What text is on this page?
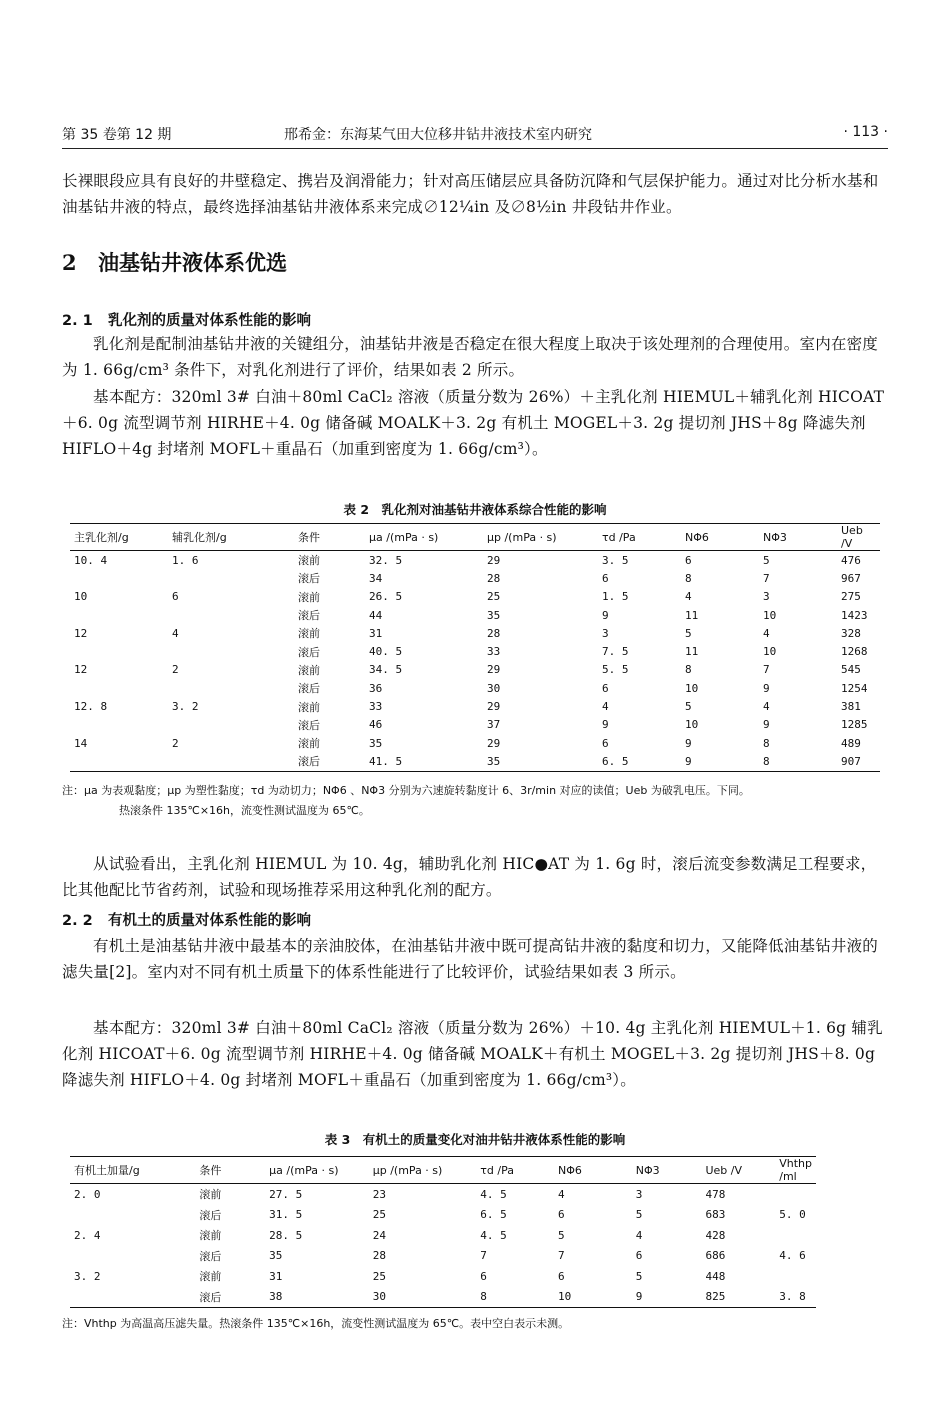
第 35 卷第 12 期	邢希金：东海某气田大位移井钻井液技术室内研究	· 113 ·

长裸眼段应具有良好的井壁稳定、携岩及润滑能力；针对高压储层应具备防沉降和气层保护能力。通过对比分析水基和油基钻井液的特点，最终选择油基钻井液体系来完成∅12¼in 及∅8½in 井段钻井作业。

2 油基钻井液体系优选
2. 1 乳化剂的质量对体系性能的影响

乳化剂是配制油基钻井液的关键组分，油基钻井液是否稳定在很大程度上取决于该处理剂的合理使用。室内在密度为 1. 66g/cm³ 条件下，对乳化剂进行了评价，结果如表 2 所示。

基本配方：320ml 3# 白油＋80ml CaCl₂ 溶液（质量分数为 26%）＋主乳化剂 HIEMUL＋辅乳化剂 HICOAT＋6. 0g 流型调节剂 HIRHE＋4. 0g 储备碱 MOALK＋3. 2g 有机土 MOGEL＋3. 2g 提切剂 JHS＋8g 降滤失剂 HIFLO＋4g 封堵剂 MOFL＋重晶石（加重到密度为 1. 66g/cm³）。

表 2　乳化剂对油基钻井液体系综合性能的影响
主乳化剂/g	辅乳化剂/g	条件	μa /(mPa · s)	μp /(mPa · s)	τd /Pa	NΦ6	NΦ3	Ueb /V
10. 4	1. 6	滚前	32. 5	29	3. 5	6	5	476
		滚后	34	28	6	8	7	967
10	6	滚前	26. 5	25	1. 5	4	3	275
		滚后	44	35	9	11	10	1423
12	4	滚前	31	28	3	5	4	328
		滚后	40. 5	33	7. 5	11	10	1268
12	2	滚前	34. 5	29	5. 5	8	7	545
		滚后	36	30	6	10	9	1254
12. 8	3. 2	滚前	33	29	4	5	4	381
		滚后	46	37	9	10	9	1285
14	2	滚前	35	29	6	9	8	489
		滚后	41. 5	35	6. 5	9	8	907
注：μa 为表观黏度；μp 为塑性黏度；τd 为动切力；NΦ6 、NΦ3 分别为六速旋转黏度计 6、3r/min 对应的读值；Ueb 为破乳电压。下同。
热滚条件 135℃×16h，流变性测试温度为 65℃。

从试验看出，主乳化剂 HIEMUL 为 10. 4g，辅助乳化剂 HIC●AT 为 1. 6g 时，滚后流变参数满足工程要求，比其他配比节省药剂，试验和现场推荐采用这种乳化剂的配方。

2. 2 有机土的质量对体系性能的影响

有机土是油基钻井液中最基本的亲油胶体，在油基钻井液中既可提高钻井液的黏度和切力，又能降低油基钻井液的滤失量[2]。室内对不同有机土质量下的体系性能进行了比较评价，试验结果如表 3 所示。

基本配方：320ml 3# 白油＋80ml CaCl₂ 溶液（质量分数为 26%）＋10. 4g 主乳化剂 HIEMUL＋1. 6g 辅乳化剂 HICOAT＋6. 0g 流型调节剂 HIRHE＋4. 0g 储备碱 MOALK＋有机土 MOGEL＋3. 2g 提切剂 JHS＋8. 0g 降滤失剂 HIFLO＋4. 0g 封堵剂 MOFL＋重晶石（加重到密度为 1. 66g/cm³）。

表 3　有机土的质量变化对油井钻井液体系性能的影响
有机土加量/g	条件	μa /(mPa · s)	μp /(mPa · s)	τd /Pa	NΦ6	NΦ3	Ueb /V	Vhthp /ml
2. 0	滚前	27. 5	23	4. 5	4	3	478	
	滚后	31. 5	25	6. 5	6	5	683	5. 0
2. 4	滚前	28. 5	24	4. 5	5	4	428	
	滚后	35	28	7	7	6	686	4. 6
3. 2	滚前	31	25	6	6	5	448	
	滚后	38	30	8	10	9	825	3. 8
注：Vhthp 为高温高压滤失量。热滚条件 135℃×16h，流变性测试温度为 65℃。表中空白表示未测。
